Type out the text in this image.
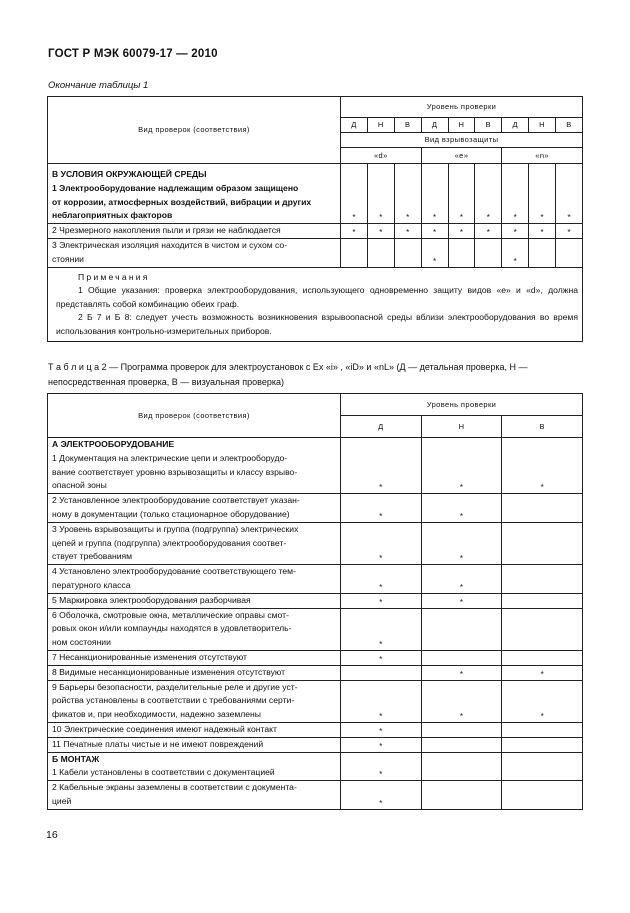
ГОСТ Р МЭК 60079-17 — 2010
Окончание таблицы 1
Вид проверок (соответствия)	Уровень проверки								
	Д	Н	В	Д	Н	В	Д	Н	В
	Вид взрывозащиты								
	«d»			«e»			«n»		

В УСЛОВИЯ ОКРУЖАЮЩЕЙ СРЕДЫ
1 Электрооборудование надлежащим образом защищено
от коррозии, атмосферных воздействий, вибрации и других
неблагоприятных факторов	*	*	*	*	*	*	*	*	*

2 Чрезмерного накопления пыли и грязи не наблюдается	*	*	*	*	*	*	*	*	*

3 Электрическая изоляция находится в чистом и сухом со-
стоянии				*			*		

Примечания
1 Общие указания: проверка электрооборудования, использующего одновременно защиту видов «e» и «d», должна представлять собой комбинацию обеих граф.
2 Б 7 и Б 8: следует учесть возможность возникновения взрывоопасной среды вблизи электрооборудования во время использования контрольно-измерительных приборов.									
Т а б л и ц а 2 — Программа проверок для электроустановок с Ex «i» , «iD» и «nL» (Д — детальная проверка, Н — непосредственная проверка, В — визуальная проверка)
Вид проверок (соответствия)	Уровень проверки		
	Д	Н	В

А ЭЛЕКТРООБОРУДОВАНИЕ
1 Документация на электрические цепи и электрооборудо-
вание соответствует уровню взрывозащиты и классу взрыво-
опасной зоны	*	*	*

2 Установленное электрооборудование соответствует указан-
ному в документации (только стационарное оборудование)	*	*	

3 Уровень взрывозащиты и группа (подгруппа) электрических
цепей и группа (подгруппа) электрооборудования соответ-
ствует требованиям	*	*	

4 Установлено электрооборудование соответствующего тем-
пературного класса	*	*	

5 Маркировка электрооборудования разборчивая	*	*	

6 Оболочка, смотровые окна, металлические оправы смот-
ровых окон и/или компаунды находятся в удовлетворитель-
ном состоянии	*		

7 Несанкционированные изменения отсутствуют	*		

8 Видимые несанкционированные изменения отсутствуют		*	*

9 Барьеры безопасности, разделительные реле и другие уст-
ройства установлены в соответствии с требованиями серти-
фикатов и, при необходимости, надежно заземлены	*	*	*

10 Электрические соединения имеют надежный контакт	*		

11 Печатные платы чистые и не имеют повреждений	*		

Б МОНТАЖ
1 Кабели установлены в соответствии с документацией	*		

2 Кабельные экраны заземлены в соответствии с документа-
цией	*		
16
